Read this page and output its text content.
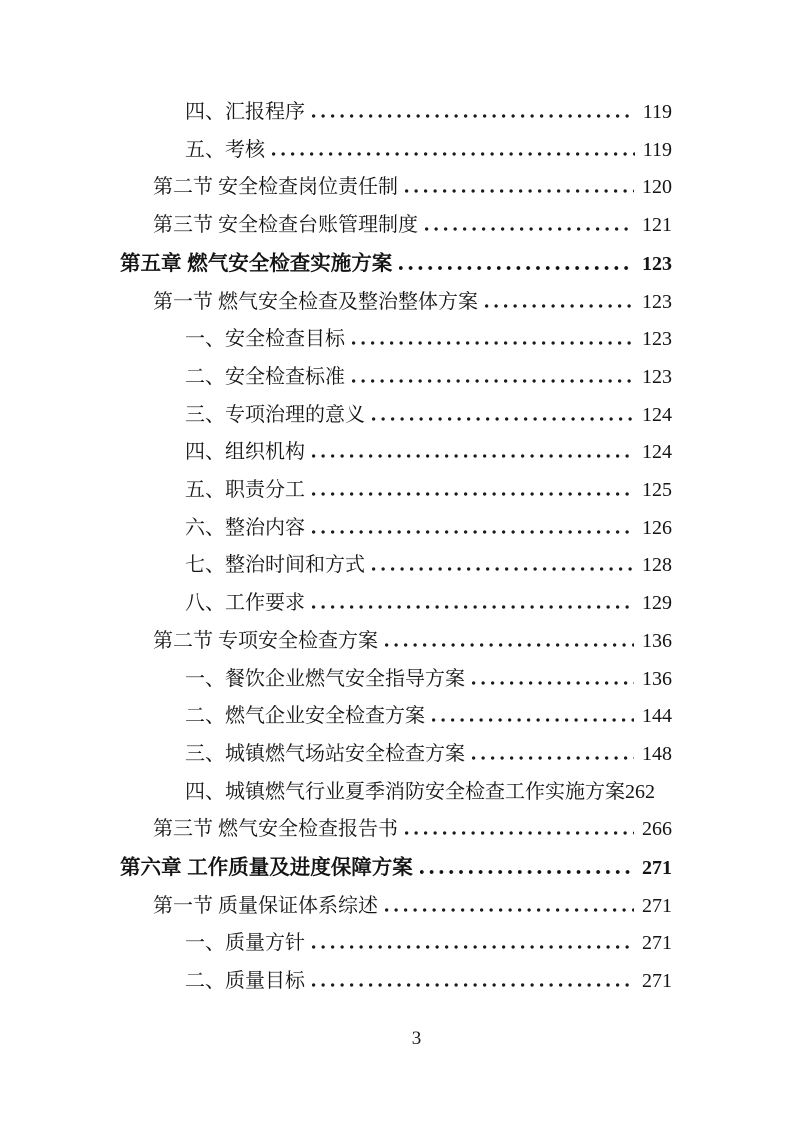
四、汇报程序	119
五、考核	119
第二节 安全检查岗位责任制	120
第三节 安全检查台账管理制度	121
第五章 燃气安全检查实施方案	123
第一节 燃气安全检查及整治整体方案	123
一、安全检查目标	123
二、安全检查标准	123
三、专项治理的意义	124
四、组织机构	124
五、职责分工	125
六、整治内容	126
七、整治时间和方式	128
八、工作要求	129
第二节 专项安全检查方案	136
一、餐饮企业燃气安全指导方案	136
二、燃气企业安全检查方案	144
三、城镇燃气场站安全检查方案	148
四、城镇燃气行业夏季消防安全检查工作实施方案 262
第三节 燃气安全检查报告书	266
第六章 工作质量及进度保障方案	271
第一节 质量保证体系综述	271
一、质量方针	271
二、质量目标	271
3
